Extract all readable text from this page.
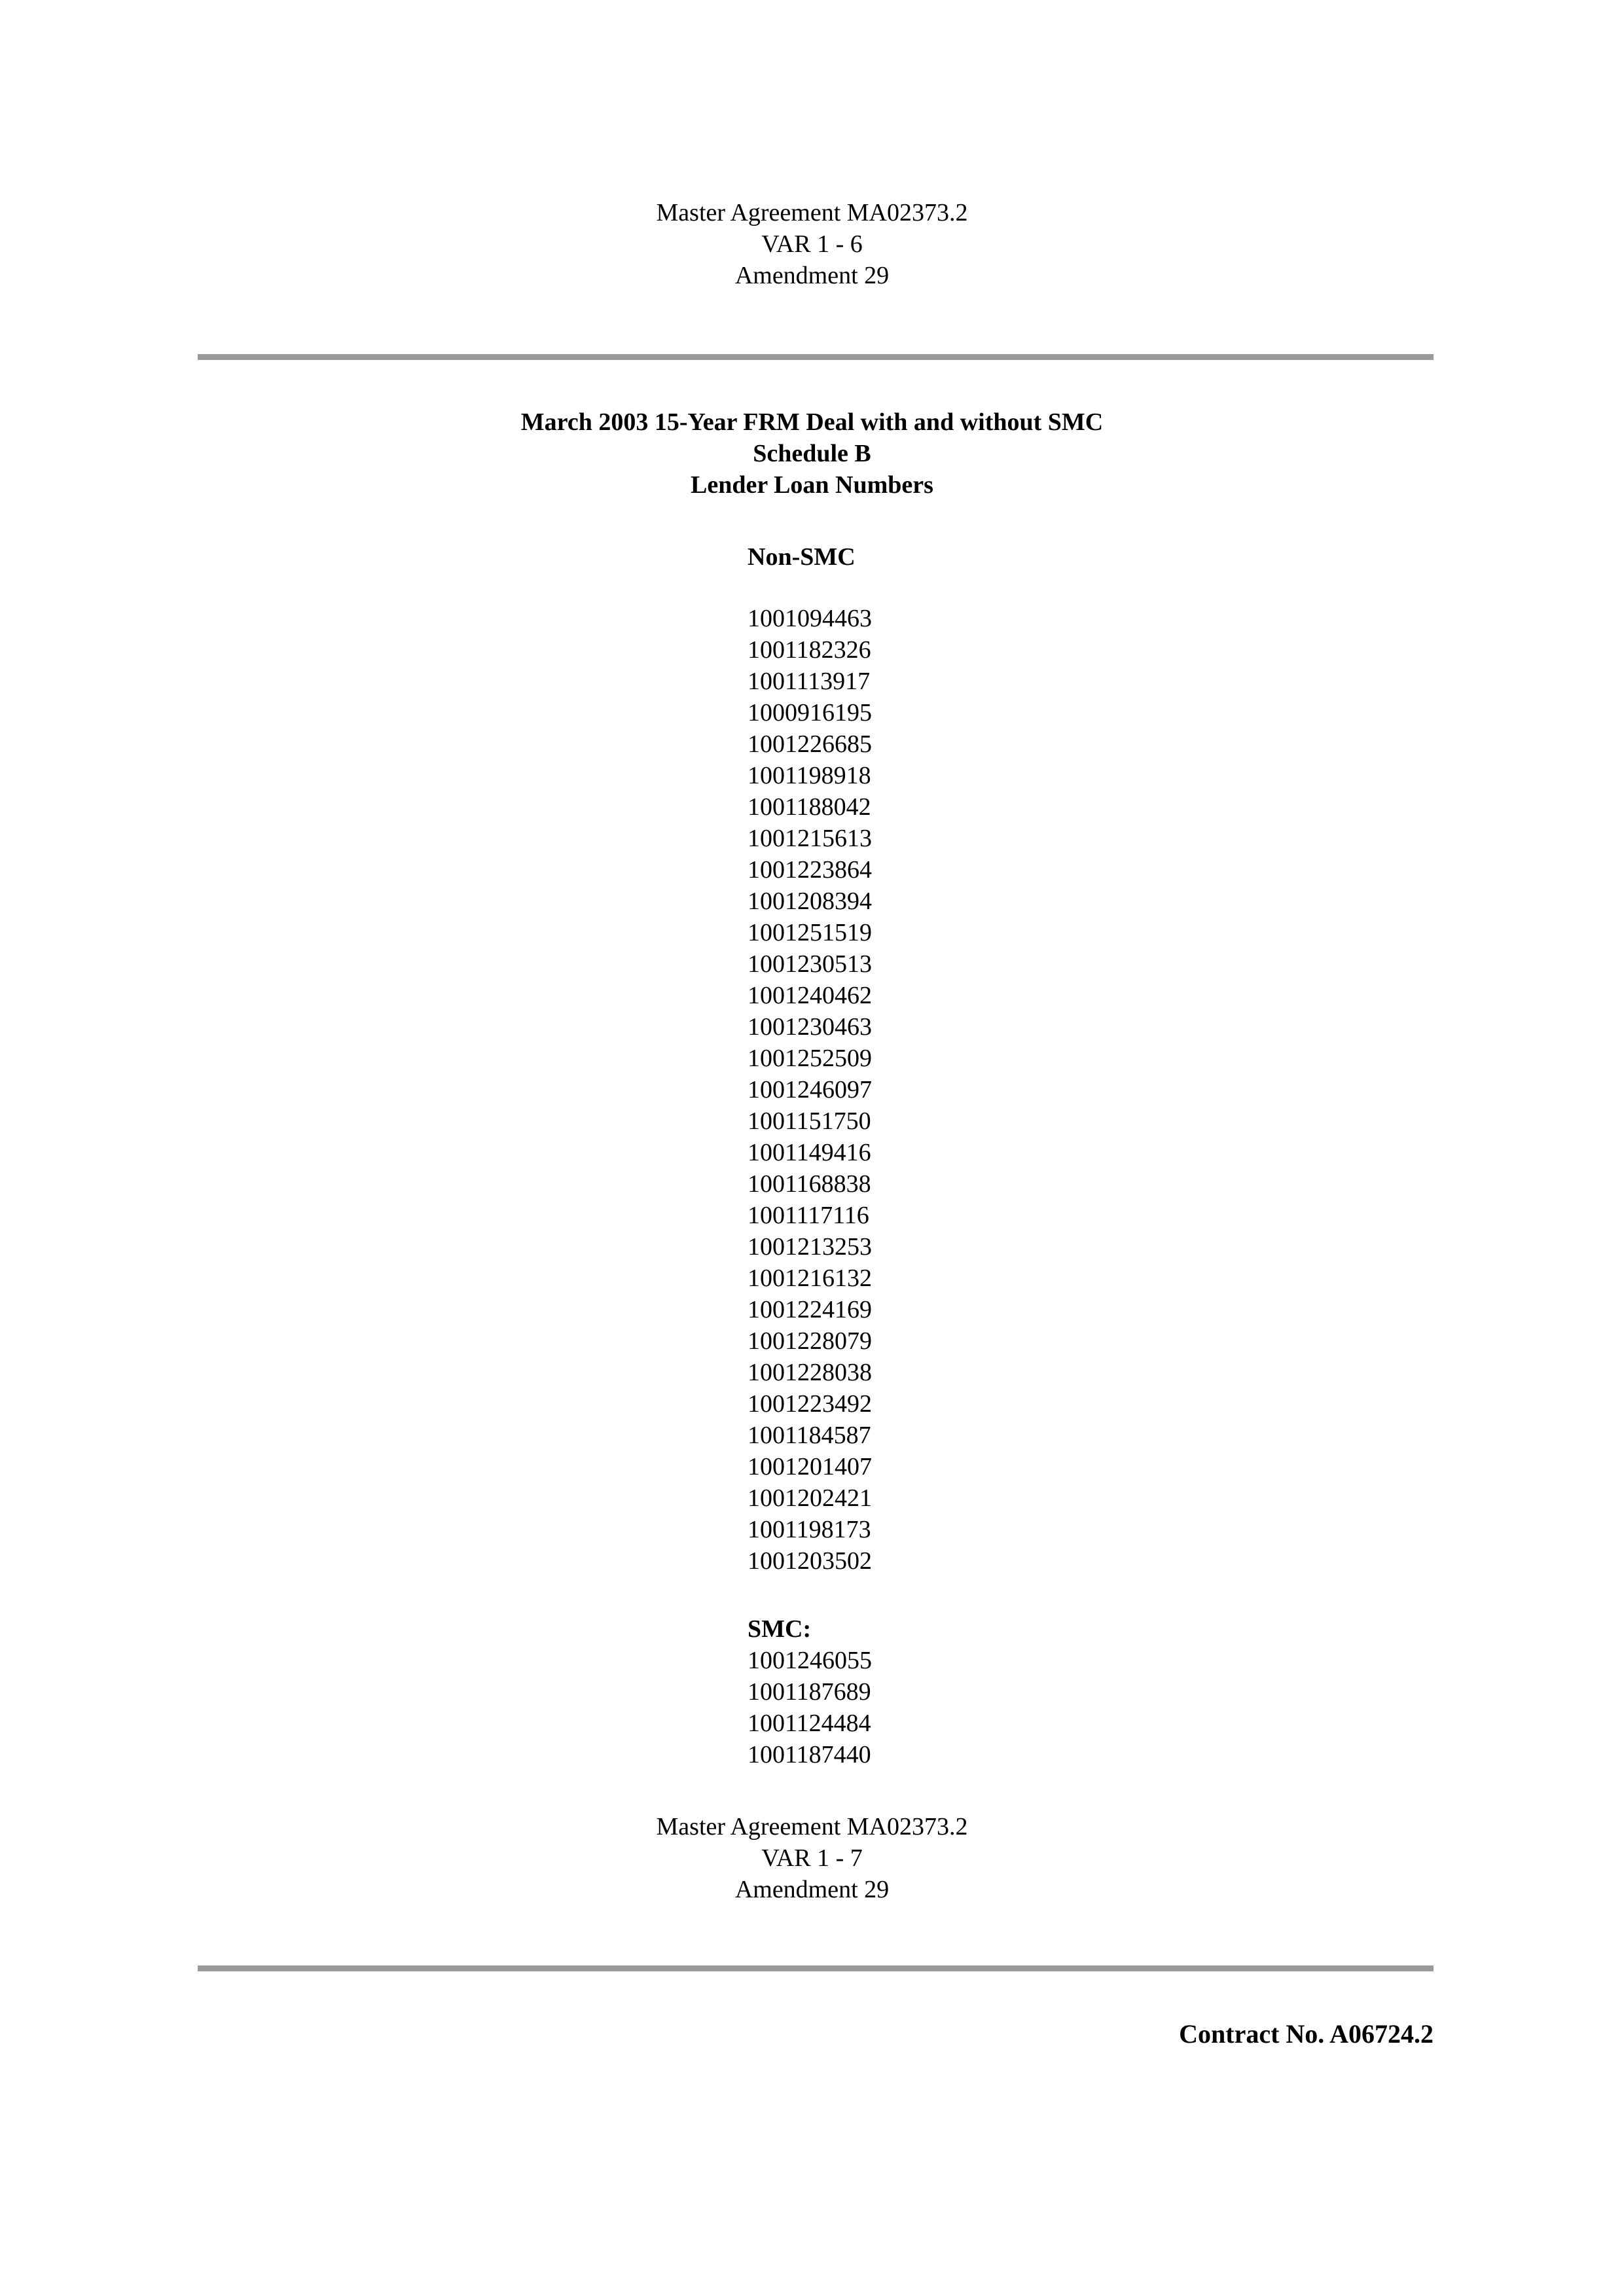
Master Agreement MA02373.2
VAR 1 - 6
Amendment 29
March 2003 15-Year FRM Deal with and without SMC
Schedule B
Lender Loan Numbers
Non-SMC
1001094463
1001182326
1001113917
1000916195
1001226685
1001198918
1001188042
1001215613
1001223864
1001208394
1001251519
1001230513
1001240462
1001230463
1001252509
1001246097
1001151750
1001149416
1001168838
1001117116
1001213253
1001216132
1001224169
1001228079
1001228038
1001223492
1001184587
1001201407
1001202421
1001198173
1001203502
SMC:
1001246055
1001187689
1001124484
1001187440
Master Agreement MA02373.2
VAR 1 - 7
Amendment 29
Contract No. A06724.2
